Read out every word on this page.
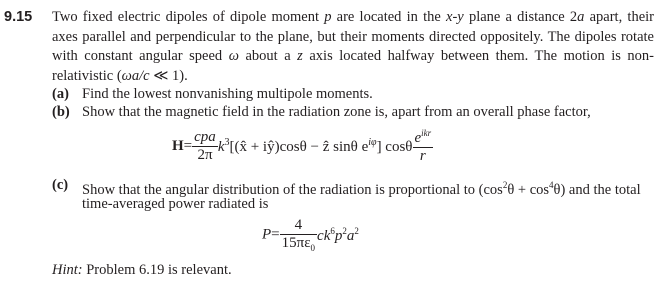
9.15 Two fixed electric dipoles of dipole moment p are located in the x-y plane a distance 2a apart, their axes parallel and perpendicular to the plane, but their moments directed oppositely. The dipoles rotate with constant angular speed ω about a z axis located halfway between them. The motion is non-relativistic (ωa/c ≪ 1).

(a) Find the lowest nonvanishing multipole moments.
(b) Show that the magnetic field in the radiation zone is, apart from an overall phase factor,
$H= \frac{\text{cpa}}{2\pi}$ $k^3[(x̂$ + iŷ)cosθ − ẑ sinθ $e^{i\varphi}$] cosθ $\frac{e^{ikr}}{r}$
(c) Show that the angular distribution of the radiation is proportional to $(\cos^2\theta + \cos^4\theta)$ and the total
time-averaged power radiated is
$P= \frac{4}{15\pi\varepsilon_0} ck^6p^2a^2$
Hint: Problem 6.19 is relevant.
